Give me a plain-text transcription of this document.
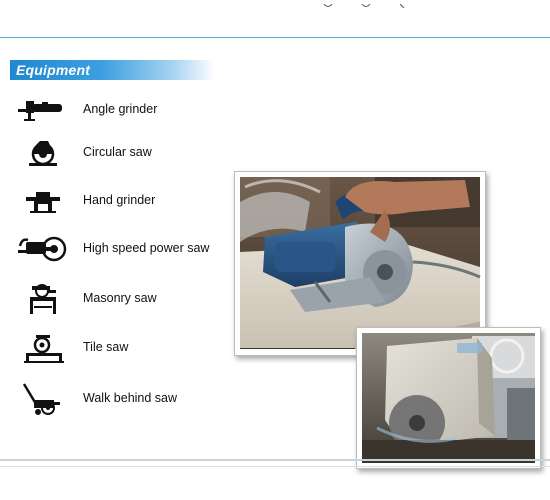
Equipment
Angle grinder
Circular saw
Hand grinder
High speed power saw
Masonry saw
Tile saw
Walk behind saw
